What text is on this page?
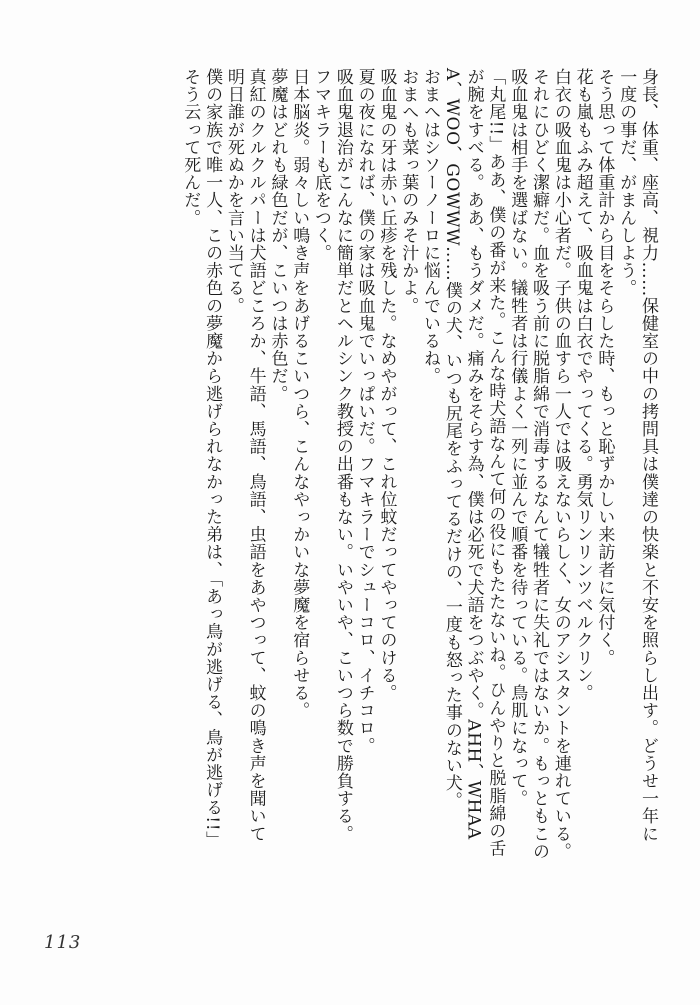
身長、体重、座高、視力……保健室の中の拷問具は僕達の快楽と不安を照らし出す。どうせ一年に
一度の事だ、がまんしよう。
そう思って体重計から目をそらした時、もっと恥ずかしい来訪者に気付く。
花も嵐もふみ超えて、吸血鬼は白衣でやってくる。勇気リンリンツベルクリン。
白衣の吸血鬼は小心者だ。子供の血すら一人では吸えないらしく、女のアシスタントを連れている。
それにひどく潔癖だ。血を吸う前に脱脂綿で消毒するなんて犠牲者に失礼ではないか。もっともこの
吸血鬼は相手を選ばない。犠牲者は行儀よく一列に並んで順番を待っている。鳥肌になって。
「丸尾!!」ああ、僕の番が来た。こんな時犬語なんて何の役にもたたないね。ひんやりと脱脂綿の舌
が腕をすべる。ああ、もうダメだ。痛みをそらす為、僕は必死で犬語をつぶやく。AHH、WHAA
A、WOO、GOWWW……僕の犬、いつも尻尾をふってるだけの、一度も怒った事のない犬。
おまへはシソーノーロに悩んでいるね。
おまへも菜っ葉のみそ汁かよ。
吸血鬼の牙は赤い丘疹を残した。なめやがって、これ位蚊だってやってのける。
夏の夜になれば、僕の家は吸血鬼でいっぱいだ。フマキラーでシューコロ、イチコロ。
吸血鬼退治がこんなに簡単だとヘルシンク教授の出番もない。いやいや、こいつら数で勝負する。
フマキラーも底をつく。
日本脳炎。弱々しい鳴き声をあげるこいつら、こんなやっかいな夢魔を宿らせる。
夢魔はどれも緑色だが、こいつは赤色だ。
真紅のクルクルパーは犬語どころか、牛語、馬語、鳥語、虫語をあやつって、蚊の鳴き声を聞いて
明日誰が死ぬかを言い当てる。
僕の家族で唯一人、この赤色の夢魔から逃げられなかった弟は、「あっ鳥が逃げる、鳥が逃げる!!」
そう云って死んだ。
113
